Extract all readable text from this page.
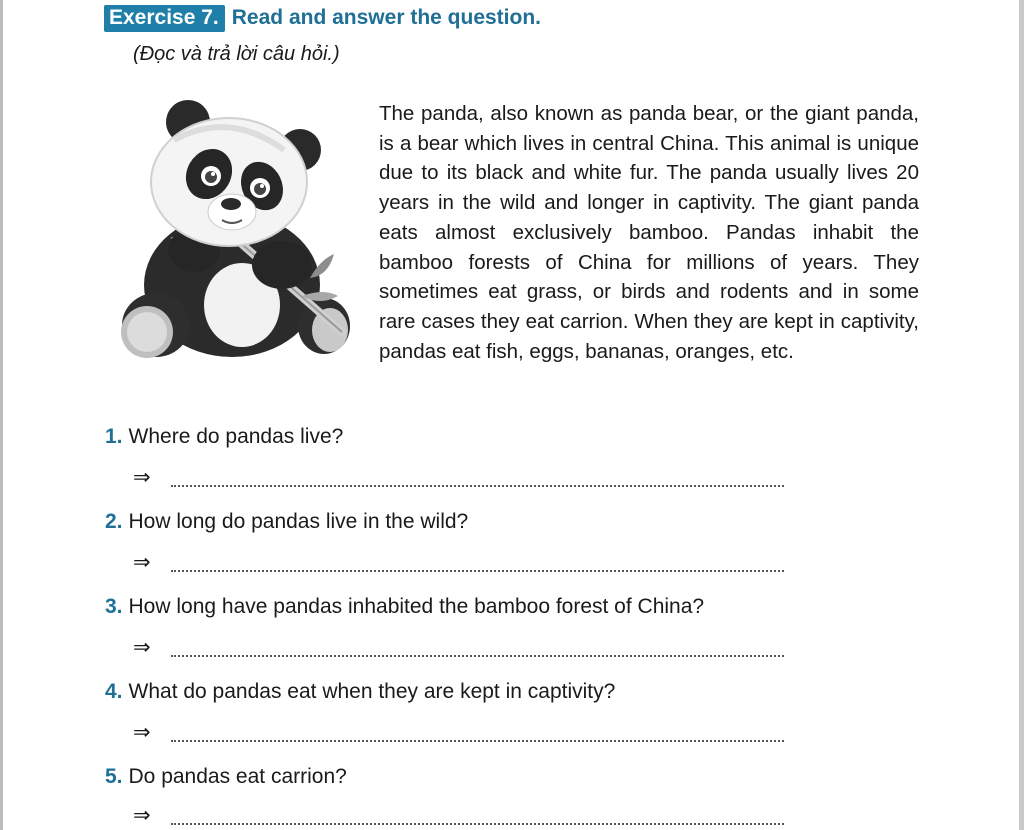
Exercise 7. Read and answer the question.
(Đọc và trả lời câu hỏi.)

The panda, also known as panda bear, or the giant panda, is a bear which lives in central China. This animal is unique due to its black and white fur. The panda usually lives 20 years in the wild and longer in captivity. The giant panda eats almost exclusively bamboo. Pandas inhabit the bamboo forests of China for millions of years. They sometimes eat grass, or birds and rodents and in some rare cases they eat carrion. When they are kept in captivity, pandas eat fish, eggs, bananas, oranges, etc.

1. Where do pandas live?
⇒
2. How long do pandas live in the wild?
⇒
3. How long have pandas inhabited the bamboo forest of China?
⇒
4. What do pandas eat when they are kept in captivity?
⇒
5. Do pandas eat carrion?
⇒
